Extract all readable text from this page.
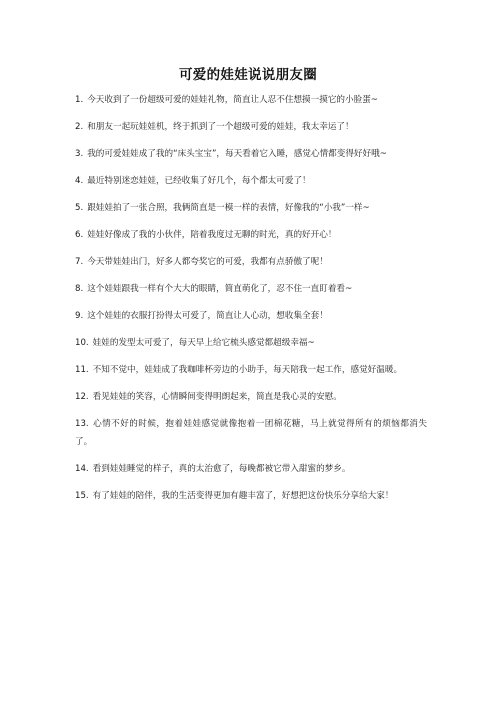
可爱的娃娃说说朋友圈
1. 今天收到了一份超级可爱的娃娃礼物，简直让人忍不住想摸一摸它的小脸蛋~
2. 和朋友一起玩娃娃机，终于抓到了一个超级可爱的娃娃，我太幸运了！
3. 我的可爱娃娃成了我的“床头宝宝”，每天看着它入睡，感觉心情都变得好好哦~
4. 最近特别迷恋娃娃，已经收集了好几个，每个都太可爱了！
5. 跟娃娃拍了一张合照，我俩简直是一模一样的表情，好像我的“小我”一样~
6. 娃娃好像成了我的小伙伴，陪着我度过无聊的时光，真的好开心！
7. 今天带娃娃出门，好多人都夸奖它的可爱，我都有点骄傲了呢！
8. 这个娃娃跟我一样有个大大的眼睛，简直萌化了，忍不住一直盯着看~
9. 这个娃娃的衣服打扮得太可爱了，简直让人心动，想收集全套！
10. 娃娃的发型太可爱了，每天早上给它梳头感觉都超级幸福~
11. 不知不觉中，娃娃成了我咖啡杯旁边的小助手，每天陪我一起工作，感觉好温暖。
12. 看见娃娃的笑容，心情瞬间变得明朗起来，简直是我心灵的安慰。
13. 心情不好的时候，抱着娃娃感觉就像抱着一团棉花糖，马上就觉得所有的烦恼都消失了。
14. 看到娃娃睡觉的样子，真的太治愈了，每晚都被它带入甜蜜的梦乡。
15. 有了娃娃的陪伴，我的生活变得更加有趣丰富了，好想把这份快乐分享给大家！
